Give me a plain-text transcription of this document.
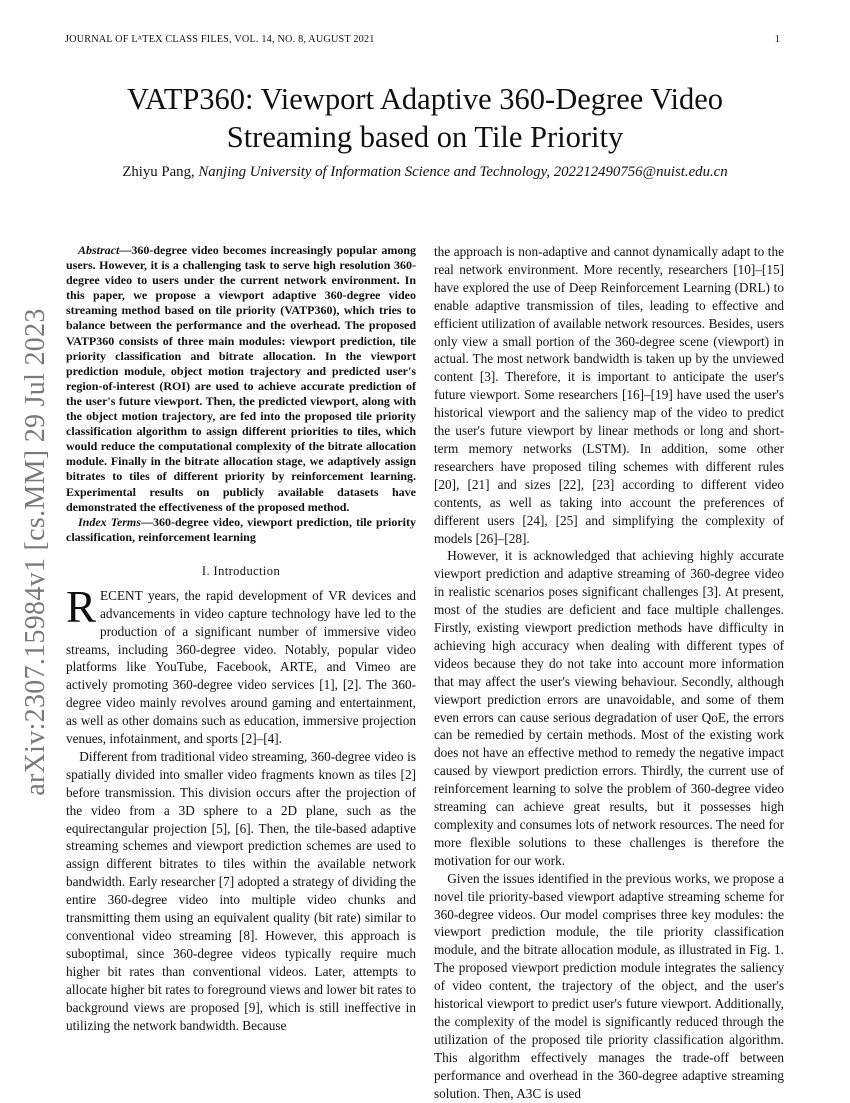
JOURNAL OF LᴬTEX CLASS FILES, VOL. 14, NO. 8, AUGUST 2021	1
arXiv:2307.15984v1 [cs.MM] 29 Jul 2023
VATP360: Viewport Adaptive 360-Degree Video
Streaming based on Tile Priority
Zhiyu Pang, Nanjing University of Information Science and Technology, 202212490756@nuist.edu.cn

Abstract—360-degree video becomes increasingly popular among users. However, it is a challenging task to serve high resolution 360-degree video to users under the current network environment. In this paper, we propose a viewport adaptive 360-degree video streaming method based on tile priority (VATP360), which tries to balance between the performance and the overhead. The proposed VATP360 consists of three main modules: viewport prediction, tile priority classification and bitrate allocation. In the viewport prediction module, object motion trajectory and predicted user's region-of-interest (ROI) are used to achieve accurate prediction of the user's future viewport. Then, the predicted viewport, along with the object motion trajectory, are fed into the proposed tile priority classification algorithm to assign different priorities to tiles, which would reduce the computational complexity of the bitrate allocation module. Finally in the bitrate allocation stage, we adaptively assign bitrates to tiles of different priority by reinforcement learning. Experimental results on publicly available datasets have demonstrated the effectiveness of the proposed method.

Index Terms—360-degree video, viewport prediction, tile priority classification, reinforcement learning

I. Introduction

RECENT years, the rapid development of VR devices and advancements in video capture technology have led to the production of a significant number of immersive video streams, including 360-degree video. Notably, popular video platforms like YouTube, Facebook, ARTE, and Vimeo are actively promoting 360-degree video services [1], [2]. The 360-degree video mainly revolves around gaming and entertainment, as well as other domains such as education, immersive projection venues, infotainment, and sports [2]–[4].

Different from traditional video streaming, 360-degree video is spatially divided into smaller video fragments known as tiles [2] before transmission. This division occurs after the projection of the video from a 3D sphere to a 2D plane, such as the equirectangular projection [5], [6]. Then, the tile-based adaptive streaming schemes and viewport prediction schemes are used to assign different bitrates to tiles within the available network bandwidth. Early researcher [7] adopted a strategy of dividing the entire 360-degree video into multiple video chunks and transmitting them using an equivalent quality (bit rate) similar to conventional video streaming [8]. However, this approach is suboptimal, since 360-degree videos typically require much higher bit rates than conventional videos. Later, attempts to allocate higher bit rates to foreground views and lower bit rates to background views are proposed [9], which is still ineffective in utilizing the network bandwidth. Because

the approach is non-adaptive and cannot dynamically adapt to the real network environment. More recently, researchers [10]–[15] have explored the use of Deep Reinforcement Learning (DRL) to enable adaptive transmission of tiles, leading to effective and efficient utilization of available network resources. Besides, users only view a small portion of the 360-degree scene (viewport) in actual. The most network bandwidth is taken up by the unviewed content [3]. Therefore, it is important to anticipate the user's future viewport. Some researchers [16]–[19] have used the user's historical viewport and the saliency map of the video to predict the user's future viewport by linear methods or long and short-term memory networks (LSTM). In addition, some other researchers have proposed tiling schemes with different rules [20], [21] and sizes [22], [23] according to different video contents, as well as taking into account the preferences of different users [24], [25] and simplifying the complexity of models [26]–[28].

However, it is acknowledged that achieving highly accurate viewport prediction and adaptive streaming of 360-degree video in realistic scenarios poses significant challenges [3]. At present, most of the studies are deficient and face multiple challenges. Firstly, existing viewport prediction methods have difficulty in achieving high accuracy when dealing with different types of videos because they do not take into account more information that may affect the user's viewing behaviour. Secondly, although viewport prediction errors are unavoidable, and some of them even errors can cause serious degradation of user QoE, the errors can be remedied by certain methods. Most of the existing work does not have an effective method to remedy the negative impact caused by viewport prediction errors. Thirdly, the current use of reinforcement learning to solve the problem of 360-degree video streaming can achieve great results, but it possesses high complexity and consumes lots of network resources. The need for more flexible solutions to these challenges is therefore the motivation for our work.

Given the issues identified in the previous works, we propose a novel tile priority-based viewport adaptive streaming scheme for 360-degree videos. Our model comprises three key modules: the viewport prediction module, the tile priority classification module, and the bitrate allocation module, as illustrated in Fig. 1. The proposed viewport prediction module integrates the saliency of video content, the trajectory of the object, and the user's historical viewport to predict user's future viewport. Additionally, the complexity of the model is significantly reduced through the utilization of the proposed tile priority classification algorithm. This algorithm effectively manages the trade-off between performance and overhead in the 360-degree adaptive streaming solution. Then, A3C is used
